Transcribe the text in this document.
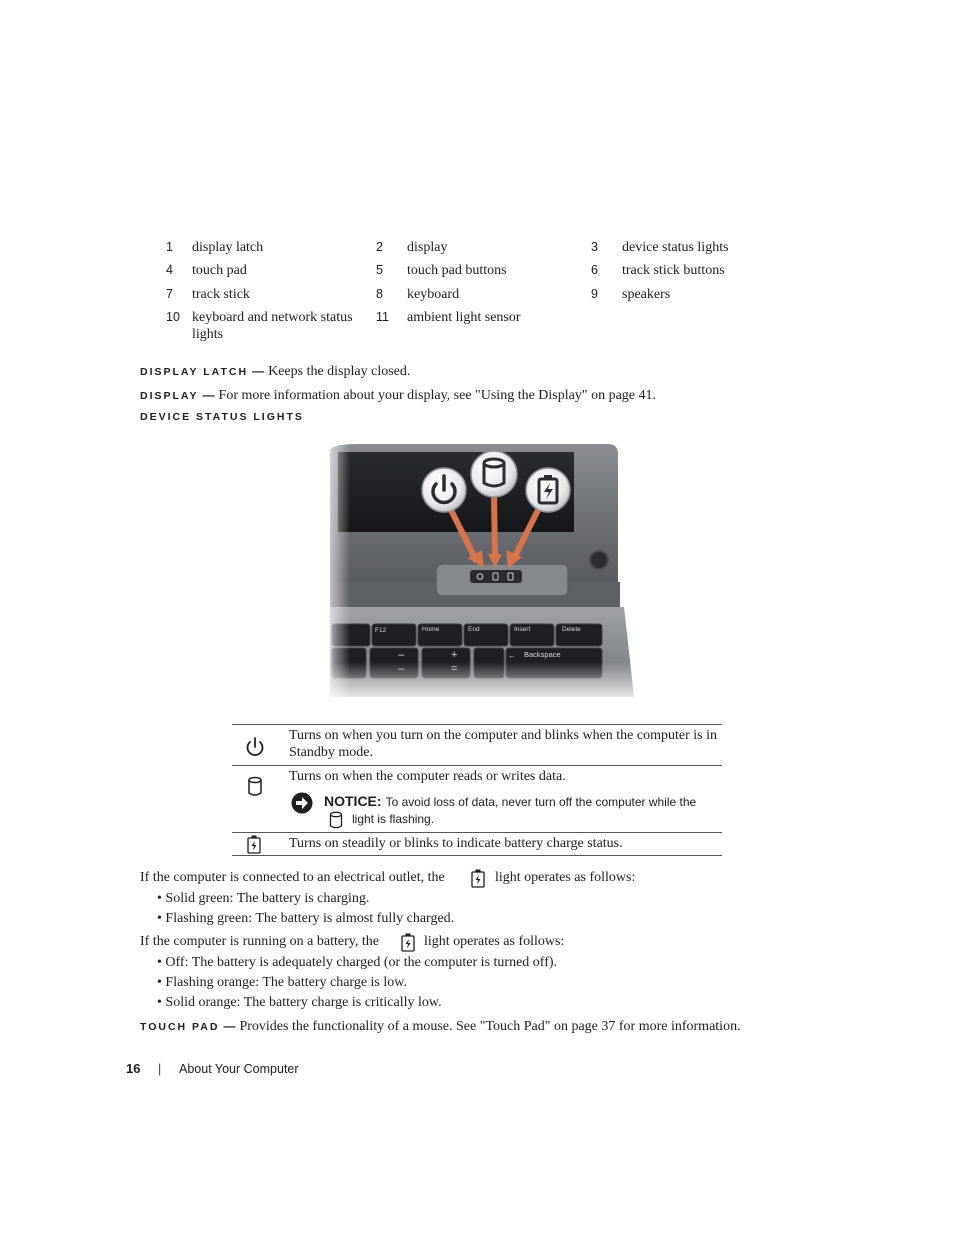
1 display latch	2 display	3 device status lights
4 touch pad	5 touch pad buttons	6 track stick buttons
7 track stick	8 keyboard	9 speakers
10 keyboard and network status lights
11 ambient light sensor
DISPLAY LATCH — Keeps the display closed.
DISPLAY — For more information about your display, see "Using the Display" on page 41.
DEVICE STATUS LIGHTS
F12	Home	End	Insert	Delete
Backspace
–	+	←
Turns on when you turn on the computer and blinks when the computer is in Standby mode.
Turns on when the computer reads or writes data.
NOTICE: To avoid loss of data, never turn off the computer while the
light is flashing.
Turns on steadily or blinks to indicate battery charge status.
If the computer is connected to an electrical outlet, the	light operates as follows:
• Solid green: The battery is charging.
• Flashing green: The battery is almost fully charged.
If the computer is running on a battery, the	light operates as follows:
• Off: The battery is adequately charged (or the computer is turned off).
• Flashing orange: The battery charge is low.
• Solid orange: The battery charge is critically low.
TOUCH PAD — Provides the functionality of a mouse. See "Touch Pad" on page 37 for more information.
16 | About Your Computer
